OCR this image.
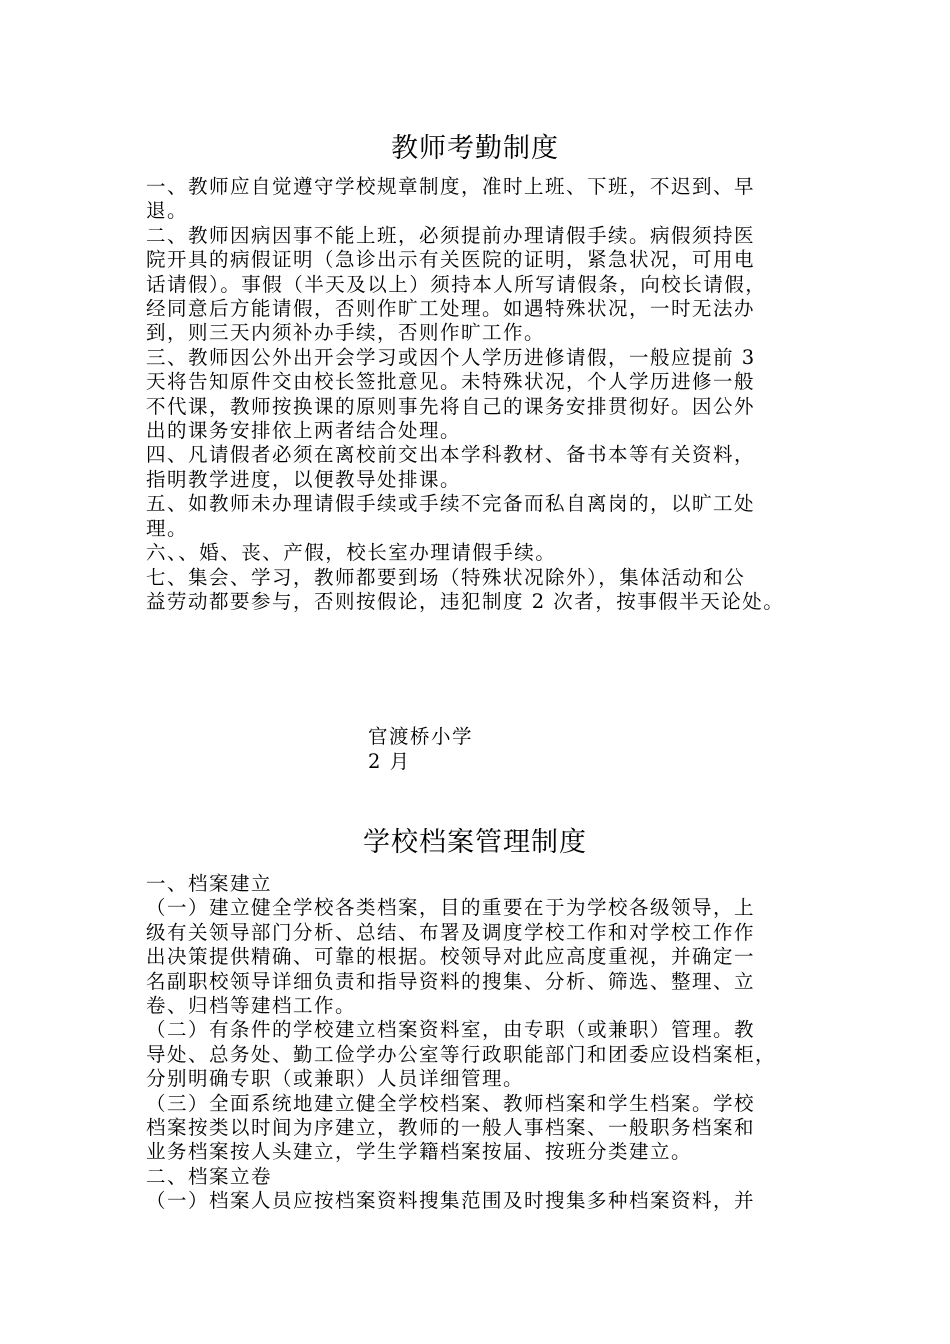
教师考勤制度

一、教师应自觉遵守学校规章制度，准时上班、下班，不迟到、早

退。

二、教师因病因事不能上班，必须提前办理请假手续。病假须持医

院开具的病假证明（急诊出示有关医院的证明，紧急状况，可用电

话请假）。事假（半天及以上）须持本人所写请假条，向校长请假，

经同意后方能请假，否则作旷工处理。如遇特殊状况，一时无法办

到，则三天内须补办手续，否则作旷工作。

三、教师因公外出开会学习或因个人学历进修请假，一般应提前 3

天将告知原件交由校长签批意见。未特殊状况，个人学历进修一般

不代课，教师按换课的原则事先将自己的课务安排贯彻好。因公外

出的课务安排依上两者结合处理。

四、凡请假者必须在离校前交出本学科教材、备书本等有关资料，

指明教学进度，以便教导处排课。

五、如教师未办理请假手续或手续不完备而私自离岗的，以旷工处

理。

六、、婚、丧、产假，校长室办理请假手续。

七、集会、学习，教师都要到场（特殊状况除外），集体活动和公

益劳动都要参与，否则按假论，违犯制度 2 次者，按事假半天论处。

官渡桥小学
2 月
学校档案管理制度

一、档案建立

（一）建立健全学校各类档案，目的重要在于为学校各级领导，上

级有关领导部门分析、总结、布署及调度学校工作和对学校工作作

出决策提供精确、可靠的根据。校领导对此应高度重视，并确定一

名副职校领导详细负责和指导资料的搜集、分析、筛选、整理、立

卷、归档等建档工作。

（二）有条件的学校建立档案资料室，由专职（或兼职）管理。教

导处、总务处、勤工俭学办公室等行政职能部门和团委应设档案柜，

分别明确专职（或兼职）人员详细管理。

（三）全面系统地建立健全学校档案、教师档案和学生档案。学校

档案按类以时间为序建立，教师的一般人事档案、一般职务档案和

业务档案按人头建立，学生学籍档案按届、按班分类建立。

二、档案立卷

（一）档案人员应按档案资料搜集范围及时搜集多种档案资料，并
